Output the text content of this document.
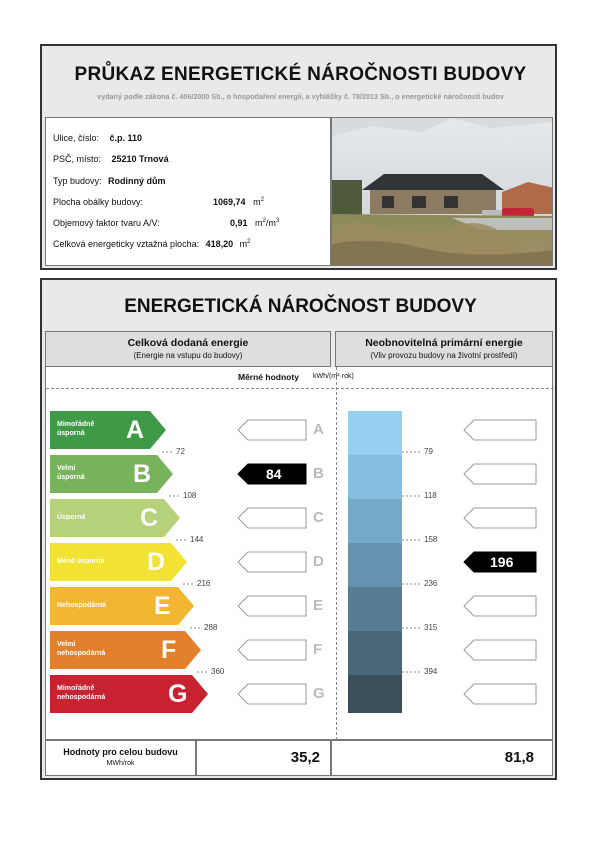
PRŮKAZ ENERGETICKÉ NÁROČNOSTI BUDOVY
vydaný podle zákona č. 406/2000 Sb., o hospodaření energií, a vyhlášky č. 78/2013 Sb., o energetické náročnosti budov
Ulice, číslo: č.p. 110
PSČ, místo: 25210 Trnová
Typ budovy: Rodinný dům
Plocha obálky budovy:	1069,74 $m^2$
Objemový faktor tvaru A/V:	0,91 $m^2/m^3$
Celková energeticky vztažná plocha: 418,20 $m^2$
ENERGETICKÁ NÁROČNOST BUDOVY
Celková dodaná energie
(Energie na vstupu do budovy)
Neobnovitelná primární energie
(Vliv provozu budovy na životní prostředí)
Měrné hodnoty kWh/(m²·rok)
Mimořádně
úsporná	A	A
Velmi
úsporná B	B
84
Úsporná C	C
Méně úsporná D	D	196
Nehospodárná E	E
Velmi
nehospodárná F	F
Mimořádně
nehospodárná	G	G
72
108
144
216
288
360
79
118
158
236
315
394
Hodnoty pro celou budovu
MWh/rok	35,2	81,8
